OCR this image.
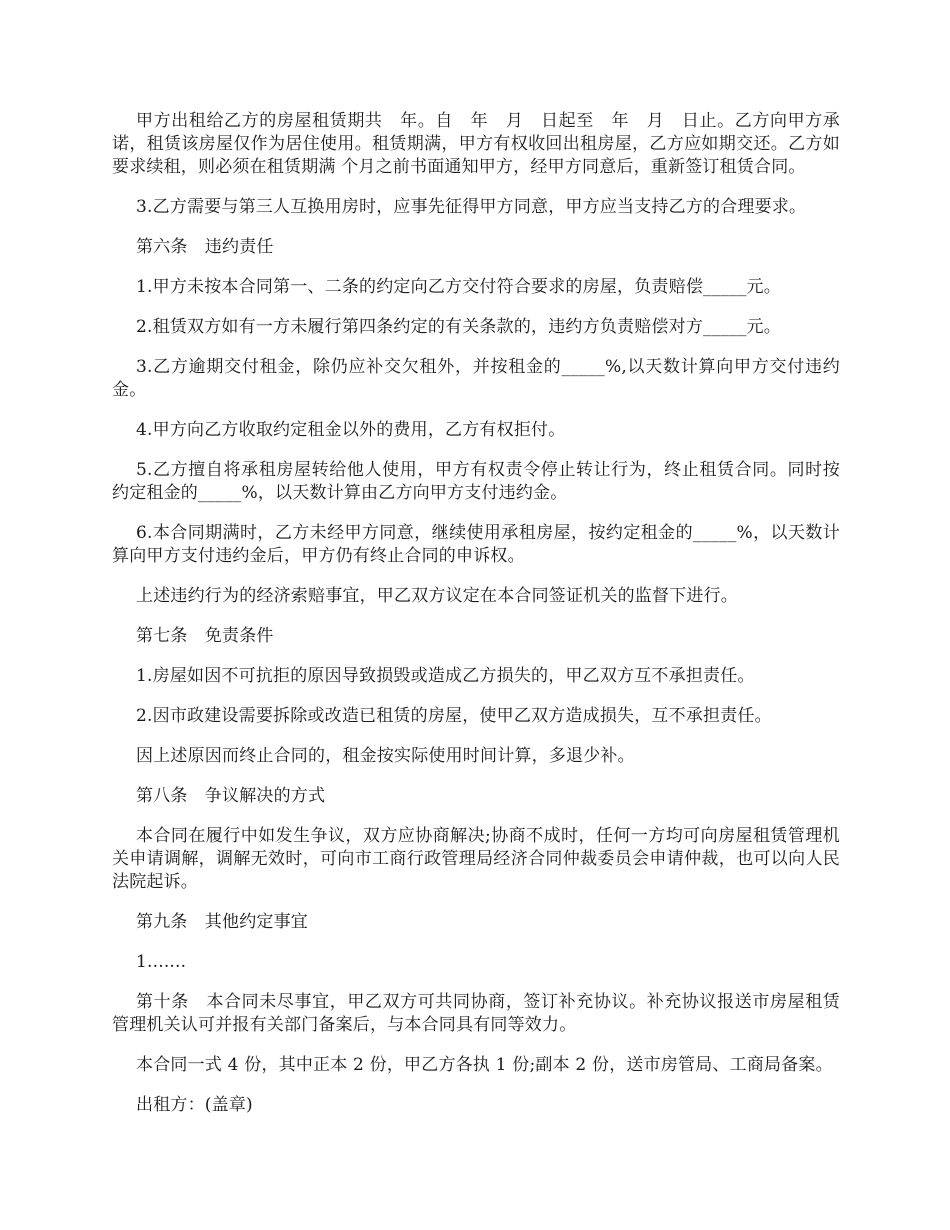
甲方出租给乙方的房屋租赁期共　年。自　年　月　日起至　年　月　日止。乙方向甲方承诺，租赁该房屋仅作为居住使用。租赁期满，甲方有权收回出租房屋，乙方应如期交还。乙方如要求续租，则必须在租赁期满 个月之前书面通知甲方，经甲方同意后，重新签订租赁合同。

3.乙方需要与第三人互换用房时，应事先征得甲方同意，甲方应当支持乙方的合理要求。

第六条　违约责任

1.甲方未按本合同第一、二条的约定向乙方交付符合要求的房屋，负责赔偿_____元。

2.租赁双方如有一方未履行第四条约定的有关条款的，违约方负责赔偿对方_____元。

3.乙方逾期交付租金，除仍应补交欠租外，并按租金的_____%,以天数计算向甲方交付违约金。

4.甲方向乙方收取约定租金以外的费用，乙方有权拒付。

5.乙方擅自将承租房屋转给他人使用，甲方有权责令停止转让行为，终止租赁合同。同时按约定租金的_____%，以天数计算由乙方向甲方支付违约金。

6.本合同期满时，乙方未经甲方同意，继续使用承租房屋，按约定租金的_____%，以天数计算向甲方支付违约金后，甲方仍有终止合同的申诉权。

上述违约行为的经济索赔事宜，甲乙双方议定在本合同签证机关的监督下进行。

第七条　免责条件

1.房屋如因不可抗拒的原因导致损毁或造成乙方损失的，甲乙双方互不承担责任。

2.因市政建设需要拆除或改造已租赁的房屋，使甲乙双方造成损失，互不承担责任。

因上述原因而终止合同的，租金按实际使用时间计算，多退少补。

第八条　争议解决的方式

本合同在履行中如发生争议，双方应协商解决;协商不成时，任何一方均可向房屋租赁管理机关申请调解，调解无效时，可向市工商行政管理局经济合同仲裁委员会申请仲裁，也可以向人民法院起诉。

第九条　其他约定事宜

1.......

第十条　本合同未尽事宜，甲乙双方可共同协商，签订补充协议。补充协议报送市房屋租赁管理机关认可并报有关部门备案后，与本合同具有同等效力。

本合同一式 4 份，其中正本 2 份，甲乙方各执 1 份;副本 2 份，送市房管局、工商局备案。

出租方：(盖章)
